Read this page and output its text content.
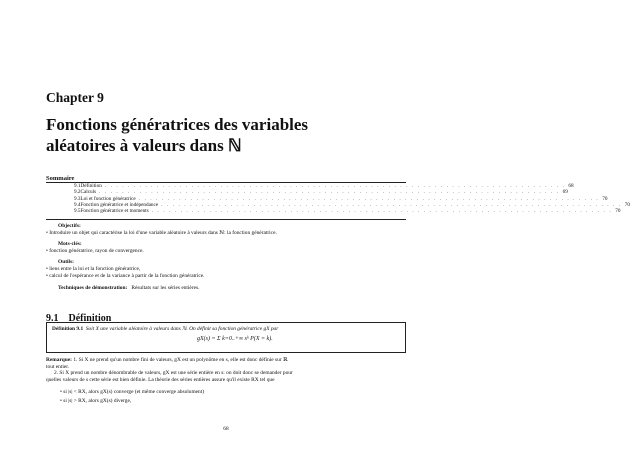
Chapter 9
Fonctions génératrices des variables
aléatoires à valeurs dans ℕ
Sommaire
9.1 Définition . . . . . . . . . . . . . . . . . . . . . . . . . . . . . . . . . . . . . . . . . . . . . . . . . . . . . . . . . . . . . . . . . . . . . . . . . . . . . . . . 68
9.2 Calculs . . . . . . . . . . . . . . . . . . . . . . . . . . . . . . . . . . . . . . . . . . . . . . . . . . . . . . . . . . . . . . . . . . . . . . . . . . . . . . . . 69
9.3 Loi et fonction génératrice . . . . . . . . . . . . . . . . . . . . . . . . . . . . . . . . . . . . . . . . . . . . . . . . . . . . . . . . . . . . . . . . . . . . . . . . . . . . . . . . 70
9.4 Fonction génératrice et indépendance . . . . . . . . . . . . . . . . . . . . . . . . . . . . . . . . . . . . . . . . . . . . . . . . . . . . . . . . . . . . . . . . . . . . . . . . . . . . . . . . 70
9.5 Fonction génératrice et moments . . . . . . . . . . . . . . . . . . . . . . . . . . . . . . . . . . . . . . . . . . . . . . . . . . . . . . . . . . . . . . . . . . . . . . . . . . . . . . . . 70
Objectifs:
• Introduire un objet qui caractérise la loi d'une variable aléatoire à valeurs dans ℕ: la fonction génératrice.
Mots-clés:
• fonction génératrice, rayon de convergence.
Outils:
• liens entre la loi et la fonction génératrice,
• calcul de l'espérance et de la variance à partir de la fonction génératrice.
Techniques de démonstration: Résultats sur les séries entières.
9.1 Définition
Définition 9.1 Soit X une variable aléatoire à valeurs dans ℕ. On définit sa fonction génératrice gX par
gX(s) = Σ k=0..+∞ sᵏ P(X = k).
Remarque: 1. Si X ne prend qu'un nombre fini de valeurs, gX est un polynôme en s, elle est donc définie sur ℝ
tout entier.
2. Si X prend un nombre dénombrable de valeurs, gX est une série entière en s: on doit donc se demander pour
quelles valeurs de s cette série est bien définie. La théorie des séries entières assure qu'il existe RX tel que
• si |s| < RX, alors gX(s) converge (et même converge absolument)
• si |s| > RX, alors gX(s) diverge,
68
